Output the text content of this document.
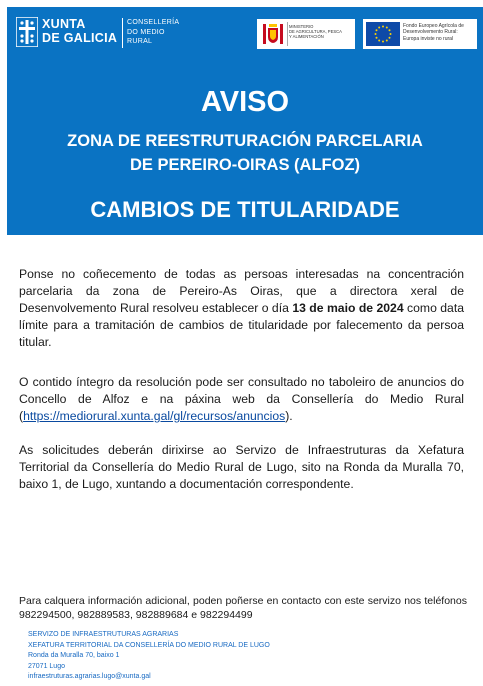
XUNTA
DE GALICIA
CONSELLERÍA
DO MEDIO
RURAL
MINISTERIO
DE AGRICULTURA, PESCA
Y ALIMENTACIÓN
Fondo Europeo Agrícola de
Desenvolvemento Rural:
Europa inviste no rural
AVISO
ZONA DE REESTRUTURACIÓN PARCELARIA
DE PEREIRO-OIRAS (ALFOZ)
CAMBIOS DE TITULARIDADE

Ponse no coñecemento de todas as persoas interesadas na concentración parcelaria da zona de Pereiro-As Oiras, que a directora xeral de Desenvolvemento Rural resolveu establecer o día 13 de maio de 2024 como data límite para a tramitación de cambios de titularidade por falecemento da persoa titular.

O contido íntegro da resolución pode ser consultado no taboleiro de anuncios do Concello de Alfoz e na páxina web da Consellería do Medio Rural (https://mediorural.xunta.gal/gl/recursos/anuncios).

As solicitudes deberán dirixirse ao Servizo de Infraestruturas da Xefatura Territorial da Consellería do Medio Rural de Lugo, sito na Ronda da Muralla 70, baixo 1, de Lugo, xuntando a documentación correspondente.

Para calquera información adicional, poden poñerse en contacto con este servizo nos teléfonos 982294500, 982889583, 982889684 e 982294499

SERVIZO DE INFRAESTRUTURAS AGRARIAS
XEFATURA TERRITORIAL DA CONSELLERÍA DO MEDIO RURAL DE LUGO
Ronda da Muralla 70, baixo 1
27071 Lugo
infraestruturas.agrarias.lugo@xunta.gal
